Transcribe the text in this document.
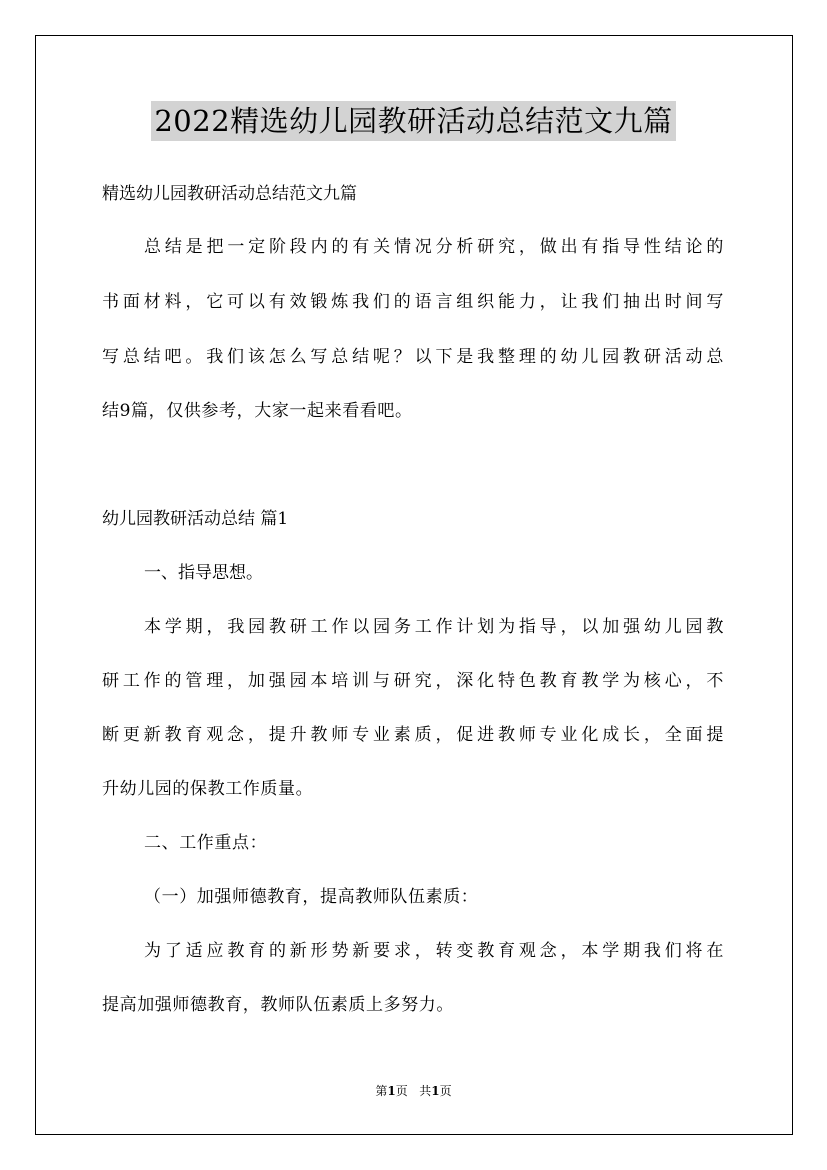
2022精选幼儿园教研活动总结范文九篇
精选幼儿园教研活动总结范文九篇
总结是把一定阶段内的有关情况分析研究，做出有指导性结论的
书面材料，它可以有效锻炼我们的语言组织能力，让我们抽出时间写
写总结吧。我们该怎么写总结呢？以下是我整理的幼儿园教研活动总
结9篇，仅供参考，大家一起来看看吧。
幼儿园教研活动总结 篇1
一、指导思想。
本学期，我园教研工作以园务工作计划为指导，以加强幼儿园教
研工作的管理，加强园本培训与研究，深化特色教育教学为核心，不
断更新教育观念，提升教师专业素质，促进教师专业化成长，全面提
升幼儿园的保教工作质量。
二、工作重点：
（一）加强师德教育，提高教师队伍素质：
为了适应教育的新形势新要求，转变教育观念，本学期我们将在
提高加强师德教育，教师队伍素质上多努力。
第1页   共1页
